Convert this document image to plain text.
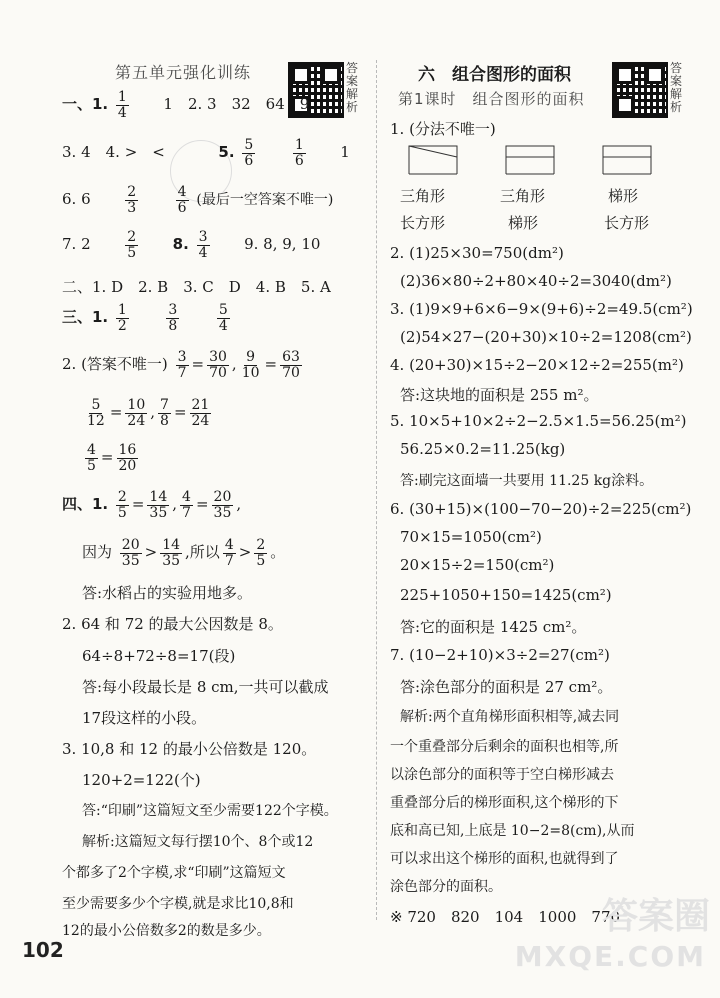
第五单元强化训练	答案解析
一、1. $\frac{1}{4} 1$　2. 3　32　64　9
3. 4　4. >　<	5. $\frac{5}{6}$
	$\frac{1}{6} 1$
6. $6 \frac{2}{3}$
	$\frac{4}{6}$ (最后一空答案不唯一)
7. $2 \frac{2}{5} 8$. $\frac{3}{4} 9$. 8, 9, 10
二、1. D　2. B　3. C　D　4. B　5. A
三、1. $\frac{1}{2}$
	$\frac{3}{8}$
	$\frac{5}{4}$
2. (答案不唯一) $\frac{3}{7} = \frac{30}{70}$ , $\frac{9}{10} = \frac{63}{70}$
$\frac{5}{12} = \frac{10}{24}$ , $\frac{7}{8} = \frac{21}{24}$
$\frac{4}{5} = \frac{16}{20}$
四、1. $\frac{2}{5} = \frac{14}{35}$ , $\frac{4}{7} = \frac{20}{35}$ ,
因为 $\frac{20}{35} > \frac{14}{35}$ ,所以 $\frac{4}{7} > \frac{2}{5}$ 。
答:水稻占的实验用地多。
2. 64 和 72 的最大公因数是 8。
64÷8+72÷8=17(段)
答:每小段最长是 8 cm,一共可以截成
17段这样的小段。
3. 10,8 和 12 的最小公倍数是 120。
120+2=122(个)
答:“印刷”这篇短文至少需要122个字模。
解析:这篇短文每行摆10个、8个或12
个都多了2个字模,求“印刷”这篇短文
至少需要多少个字模,就是求比10,8和
12的最小公倍数多2的数是多少。
102
六　组合图形的面积
第1课时　组合图形的面积
答案解析
1. (分法不唯一)
三角形	三角形	梯形
长方形	梯形	长方形
2. (1)25×30=750(dm²)
(2)36×80÷2+80×40÷2=3040(dm²)
3. (1)9×9+6×6−9×(9+6)÷2=49.5(cm²)
(2)54×27−(20+30)×10÷2=1208(cm²)
4. (20+30)×15÷2−20×12÷2=255(m²)
答:这块地的面积是 255 m²。
5. 10×5+10×2÷2−2.5×1.5=56.25(m²)
56.25×0.2=11.25(kg)
答:刷完这面墙一共要用 11.25 kg涂料。
6. (30+15)×(100−70−20)÷2=225(cm²)
70×15=1050(cm²)
20×15÷2=150(cm²)
225+1050+150=1425(cm²)
答:它的面积是 1425 cm²。
7. (10−2+10)×3÷2=27(cm²)
答:涂色部分的面积是 27 cm²。
解析:两个直角梯形面积相等,减去同
一个重叠部分后剩余的面积也相等,所
以涂色部分的面积等于空白梯形减去
重叠部分后的梯形面积,这个梯形的下
底和高已知,上底是 10−2=8(cm),从而
可以求出这个梯形的面积,也就得到了
涂色部分的面积。
※ 720　820　104　1000　770
答案圈
MXQE.COM
